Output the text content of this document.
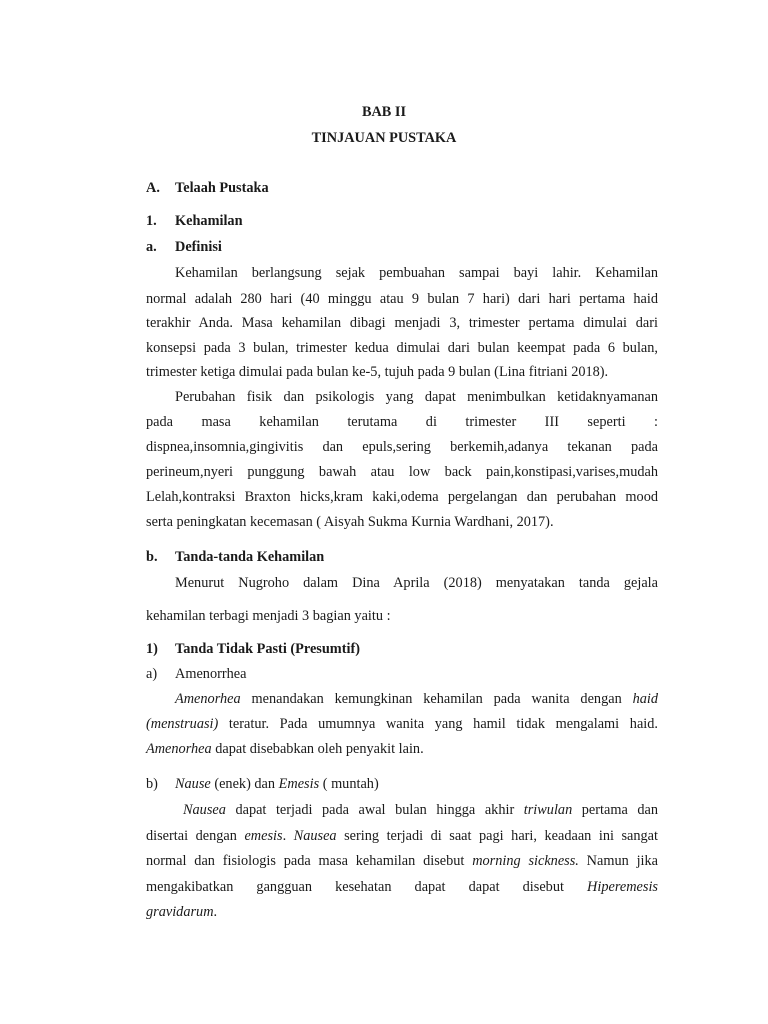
BAB II
TINJAUAN PUSTAKA
A. Telaah Pustaka
1. Kehamilan
a. Definisi
Kehamilan berlangsung sejak pembuahan sampai bayi lahir. Kehamilan
normal adalah 280 hari (40 minggu atau 9 bulan 7 hari) dari hari pertama haid
terakhir Anda. Masa kehamilan dibagi menjadi 3, trimester pertama dimulai dari
konsepsi pada 3 bulan, trimester kedua dimulai dari bulan keempat pada 6 bulan,
trimester ketiga dimulai pada bulan ke-5, tujuh pada 9 bulan (Lina fitriani 2018).
Perubahan fisik dan psikologis yang dapat menimbulkan ketidaknyamanan
pada masa kehamilan terutama di trimester III seperti :
dispnea,insomnia,gingivitis dan epuls,sering berkemih,adanya tekanan pada
perineum,nyeri punggung bawah atau low back pain,konstipasi,varises,mudah
Lelah,kontraksi Braxton hicks,kram kaki,odema pergelangan dan perubahan mood
serta peningkatan kecemasan ( Aisyah Sukma Kurnia Wardhani, 2017).
b. Tanda-tanda Kehamilan
Menurut Nugroho dalam Dina Aprila (2018) menyatakan tanda gejala
kehamilan terbagi menjadi 3 bagian yaitu :
1) Tanda Tidak Pasti (Presumtif)
a) Amenorrhea
Amenorhea menandakan kemungkinan kehamilan pada wanita dengan haid
(menstruasi) teratur. Pada umumnya wanita yang hamil tidak mengalami haid.
Amenorhea dapat disebabkan oleh penyakit lain.
b) Nause (enek) dan Emesis ( muntah)
Nausea dapat terjadi pada awal bulan hingga akhir triwulan pertama dan
disertai dengan emesis. Nausea sering terjadi di saat pagi hari, keadaan ini sangat
normal dan fisiologis pada masa kehamilan disebut morning sickness. Namun jika
mengakibatkan gangguan kesehatan dapat dapat disebut Hiperemesis
gravidarum.
